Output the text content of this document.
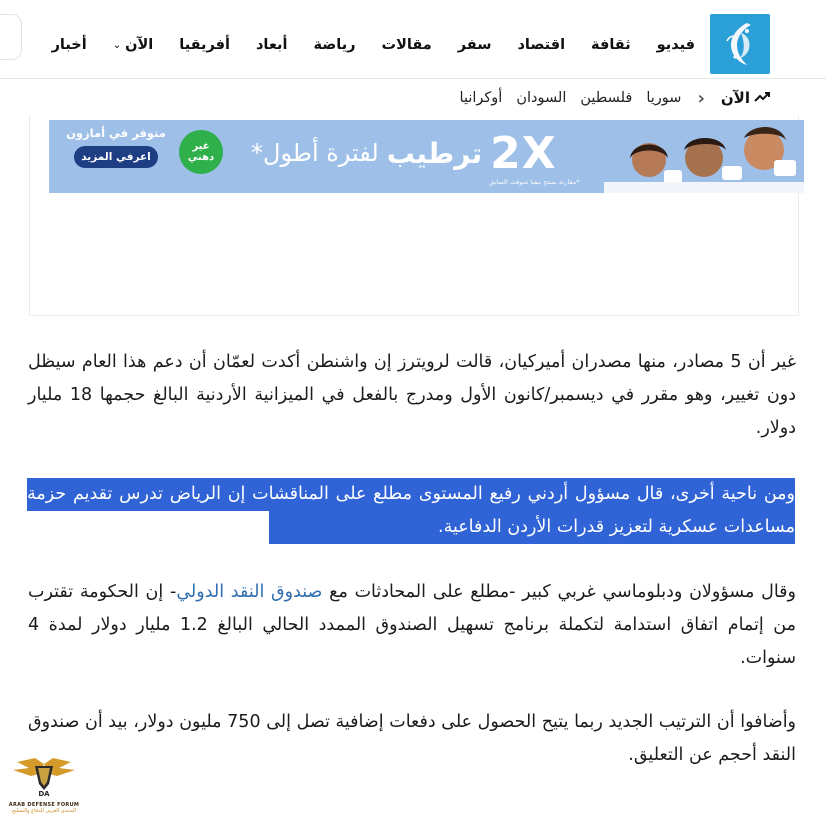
أخبار	الآن
⌄	أفريقيا أبعاد رياضة مقالات سفر اقتصاد ثقافة فيديو
الآن
‹
سوريا
فلسطين
السودان
أوكرانيا
متوفر في أمازون
اعرفي المزيد
غير
دهني	2X
ترطيب
لفترة أطول*
*مقارنة بمنتج نيفيا سوفت السابق

غير أن 5 مصادر، منها مصدران أميركيان، قالت لرويترز إن واشنطن أكدت لعمّان أن دعم هذا العام سيظل دون تغيير، وهو مقرر في ديسمبر/كانون الأول ومدرج بالفعل في الميزانية الأردنية البالغ حجمها 18 مليار دولار.

ومن ناحية أخرى، قال مسؤول أردني رفيع المستوى مطلع على المناقشات إن الرياض تدرس تقديم حزمة مساعدات عسكرية لتعزيز قدرات الأردن الدفاعية.

وقال مسؤولان ودبلوماسي غربي كبير -مطلع على المحادثات مع صندوق النقد الدولي- إن الحكومة تقترب من إتمام اتفاق استدامة لتكملة برنامج تسهيل الصندوق الممدد الحالي البالغ 1.2 مليار دولار لمدة 4 سنوات.

وأضافوا أن الترتيب الجديد ربما يتيح الحصول على دفعات إضافية تصل إلى 750 مليون دولار، بيد أن صندوق النقد أحجم عن التعليق.

DA
ARAB DEFENSE FORUM
المنتدى العربي للدفاع والتسليح
